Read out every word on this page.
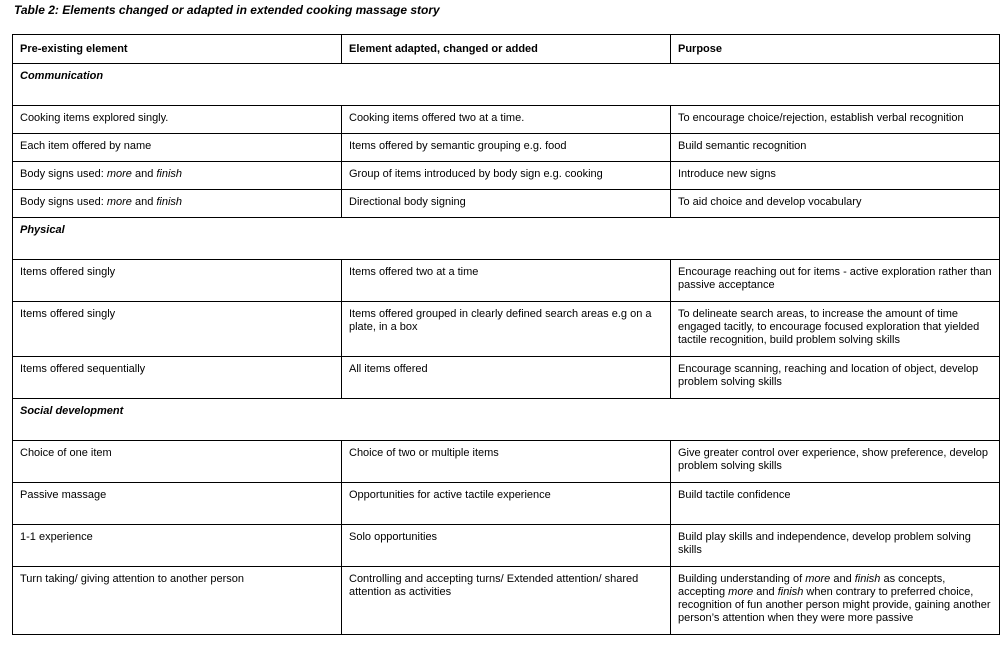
Table 2: Elements changed or adapted in extended cooking massage story
Pre-existing element	Element adapted, changed or added	Purpose
Communication		
Cooking items explored singly.	Cooking items offered two at a time.	To encourage choice/rejection, establish verbal recognition
Each item offered by name	Items offered by semantic grouping e.g. food	Build semantic recognition
Body signs used: more and finish	Group of items introduced by body sign e.g. cooking	Introduce new signs
Body signs used: more and finish	Directional body signing	To aid choice and develop vocabulary
Physical		
Items offered singly	Items offered two at a time	Encourage reaching out for items - active exploration rather than passive acceptance
Items offered singly	Items offered grouped in clearly defined search areas e.g on a plate, in a box	To delineate search areas, to increase the amount of time engaged tacitly, to encourage focused exploration that yielded tactile recognition, build problem solving skills
Items offered sequentially	All items offered	Encourage scanning, reaching and location of object, develop problem solving skills
Social development		
Choice of one item	Choice of two or multiple items	Give greater control over experience, show preference, develop problem solving skills
Passive massage	Opportunities for active tactile experience	Build tactile confidence
1-1 experience	Solo opportunities	Build play skills and independence, develop problem solving skills
Turn taking/ giving attention to another person	Controlling and accepting turns/ Extended attention/ shared attention as activities	Building understanding of more and finish as concepts, accepting more and finish when contrary to preferred choice, recognition of fun another person might provide, gaining another person’s attention when they were more passive
